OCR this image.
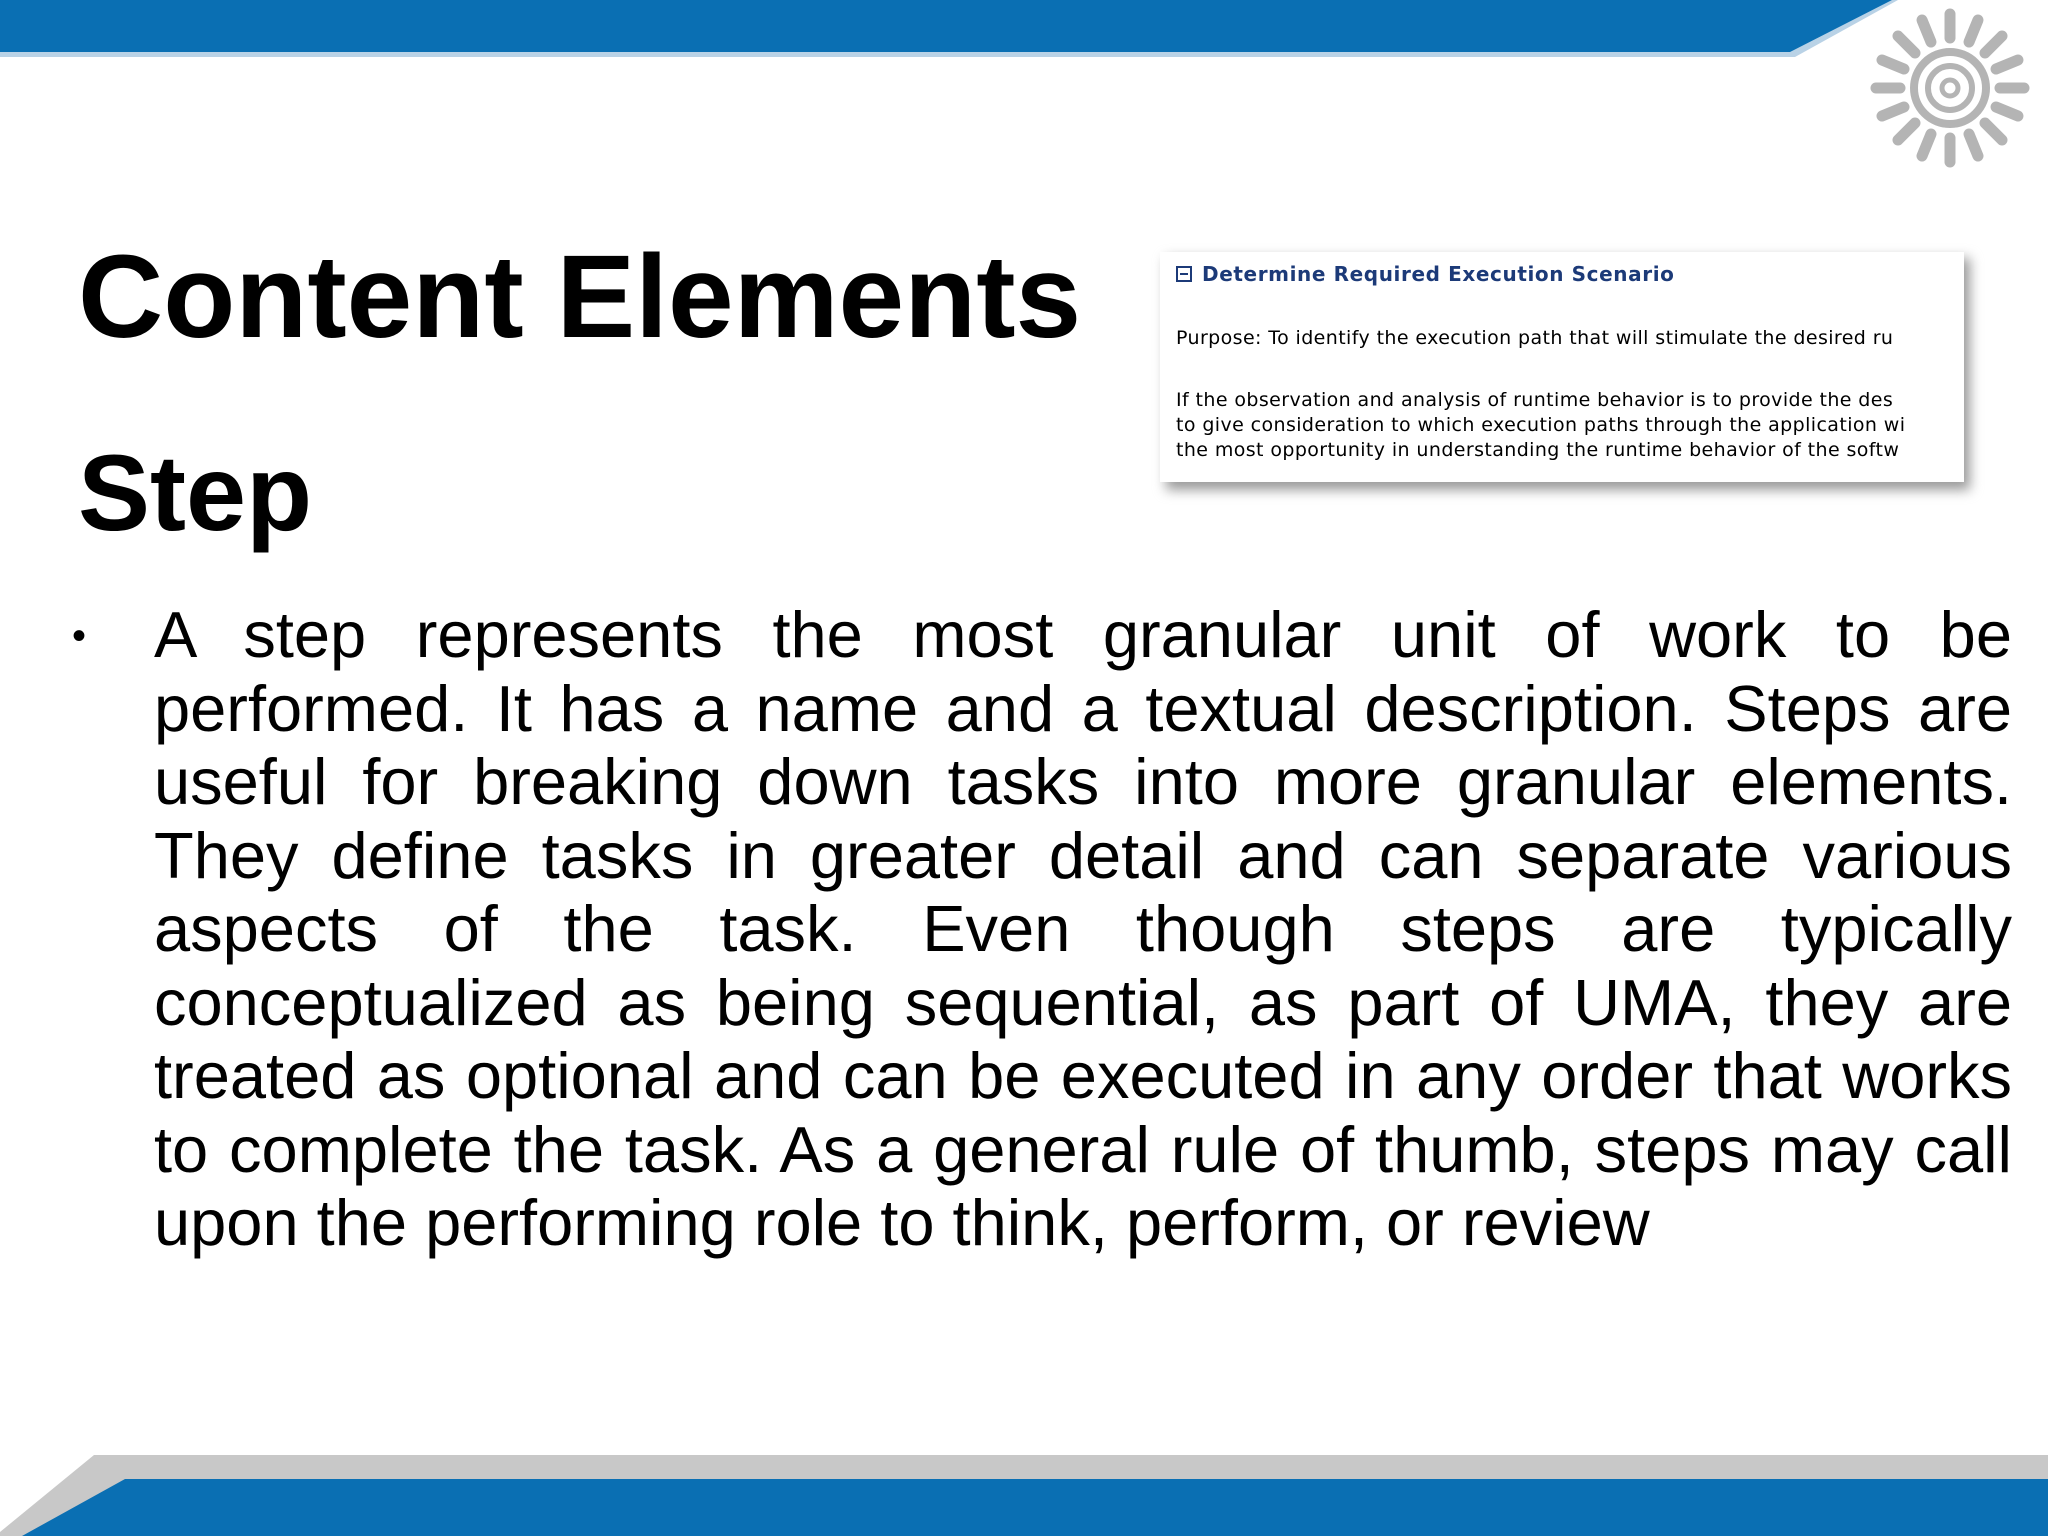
Content Elements
Step
Determine Required Execution Scenario
Purpose: To identify the execution path that will stimulate the desired ru
If the observation and analysis of runtime behavior is to provide the des
to give consideration to which execution paths through the application wi
the most opportunity in understanding the runtime behavior of the softw
• A step represents the most granular unit of work to be performed. It has a name and a textual description. Steps are useful for breaking down tasks into more granular elements. They define tasks in greater detail and can separate various aspects of the task. Even though steps are typically conceptualized as being sequential, as part of UMA, they are treated as optional and can be executed in any order that works to complete the task. As a general rule of thumb, steps may call upon the performing role to think, perform, or review
